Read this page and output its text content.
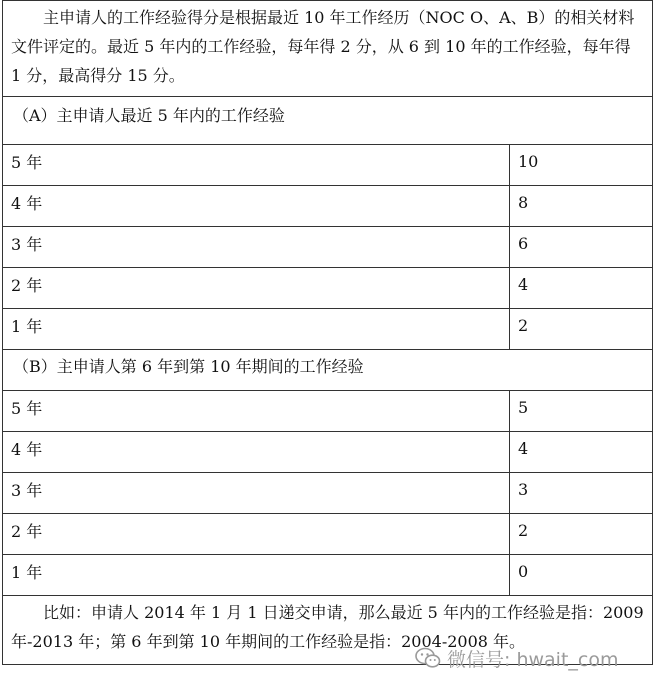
主申请人的工作经验得分是根据最近 10 年工作经历（NOC O、A、B）的相关材料文件评定的。最近 5 年内的工作经验，每年得 2 分，从 6 到 10 年的工作经验，每年得 1 分，最高得分 15 分。	
（A）主申请人最近 5 年内的工作经验	
5 年	10
4 年	8
3 年	6
2 年	4
1 年	2
（B）主申请人第 6 年到第 10 年期间的工作经验	
5 年	5
4 年	4
3 年	3
2 年	2
1 年	0
比如：申请人 2014 年 1 月 1 日递交申请，那么最近 5 年内的工作经验是指：2009 年-2013 年；第 6 年到第 10 年期间的工作经验是指：2004-2008 年。	
微信号: hwait_com
